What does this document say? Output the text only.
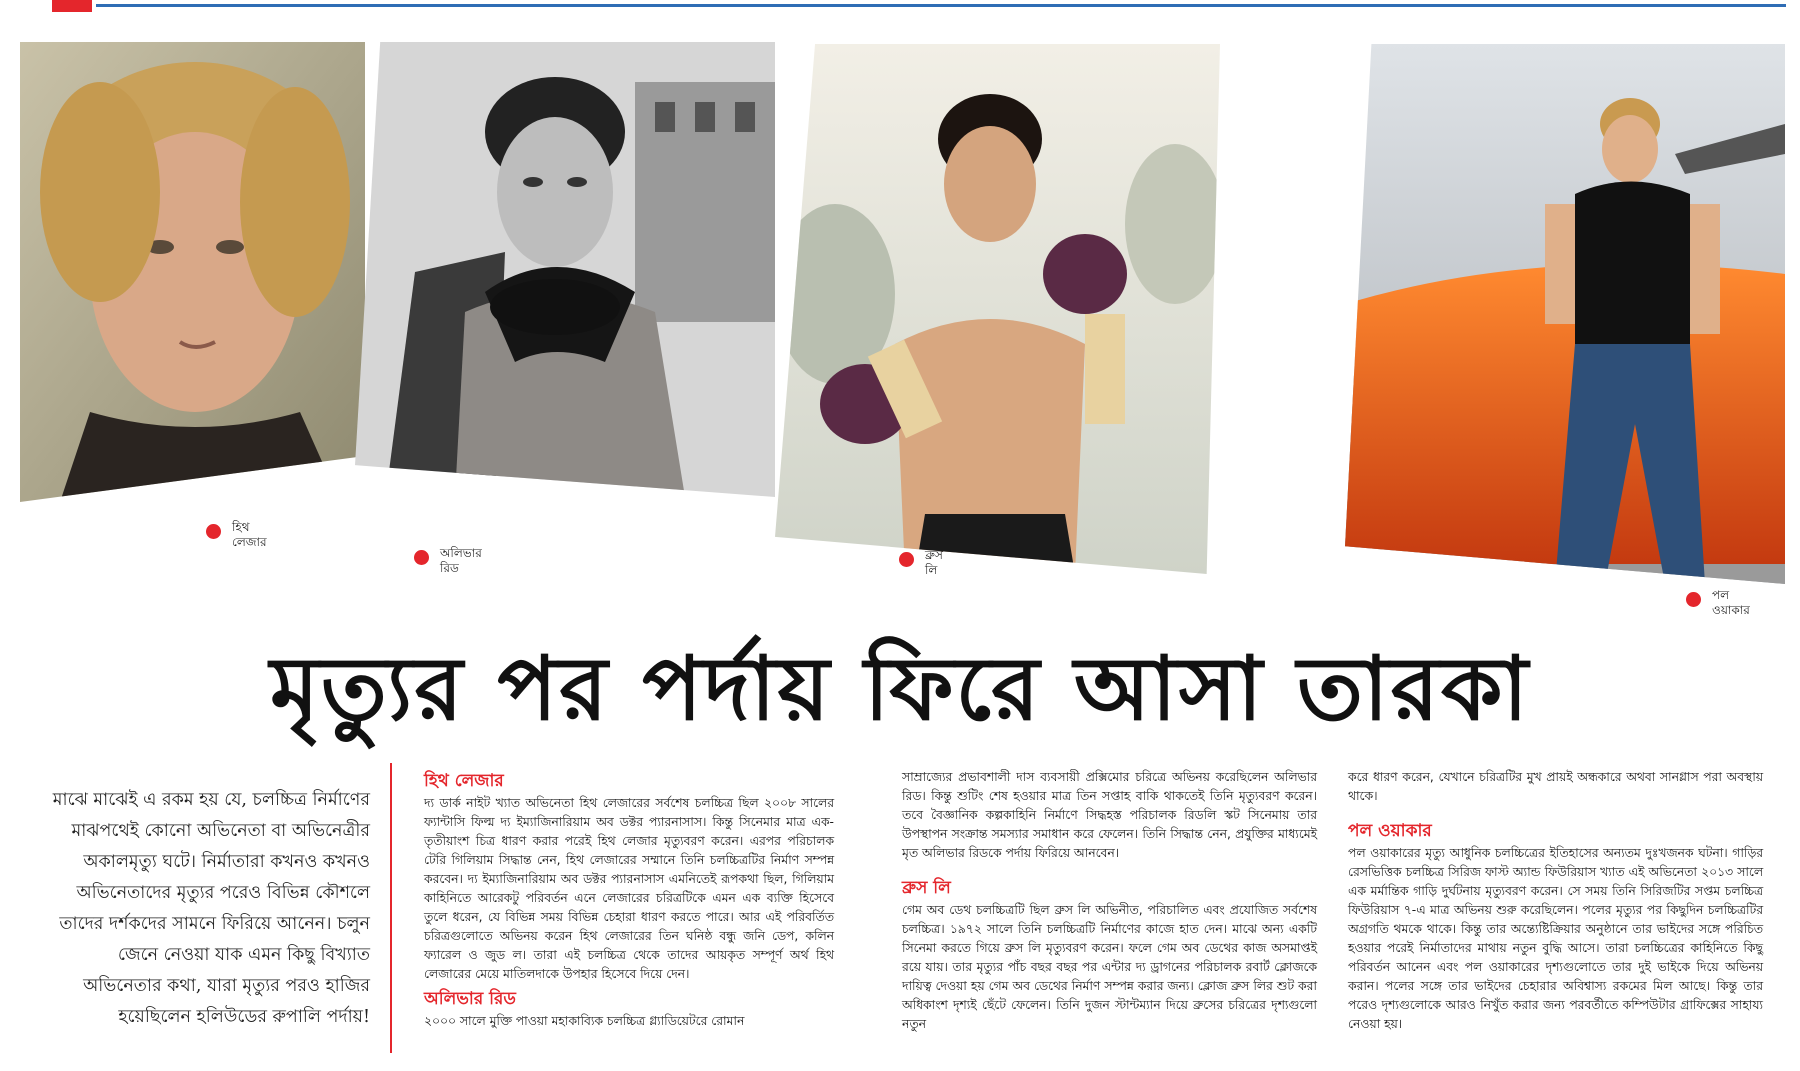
হিথ
লেজার
অলিভার
রিড
ব্রুস
লি
পল
ওয়াকার
মৃত্যুর পর পর্দায় ফিরে আসা তারকা

মাঝে মাঝেই এ রকম হয় যে, চলচ্চিত্র নির্মাণের মাঝপথেই কোনো অভিনেতা বা অভিনেত্রীর অকালমৃত্যু ঘটে। নির্মাতারা কখনও কখনও অভিনেতাদের মৃত্যুর পরেও বিভিন্ন কৌশলে তাদের দর্শকদের সামনে ফিরিয়ে আনেন। চলুন জেনে নেওয়া যাক এমন কিছু বিখ্যাত অভিনেতার কথা, যারা মৃত্যুর পরও হাজির হয়েছিলেন হলিউডের রুপালি পর্দায়!

হিথ লেজার

দ্য ডার্ক নাইট খ্যাত অভিনেতা হিথ লেজারের সর্বশেষ চলচ্চিত্র ছিল ২০০৮ সালের ফ্যান্টাসি ফিল্ম দ্য ইম্যাজিনারিয়াম অব ডক্টর প্যারনাসাস। কিন্তু সিনেমার মাত্র এক-তৃতীয়াংশ চিত্র ধারণ করার পরেই হিথ লেজার মৃত্যুবরণ করেন। এরপর পরিচালক টেরি গিলিয়াম সিদ্ধান্ত নেন, হিথ লেজারের সম্মানে তিনি চলচ্চিত্রটির নির্মাণ সম্পন্ন করবেন। দ্য ইম্যাজিনারিয়াম অব ডক্টর প্যারনাসাস এমনিতেই রূপকথা ছিল, গিলিয়াম কাহিনিতে আরেকটু পরিবর্তন এনে লেজারের চরিত্রটিকে এমন এক ব্যক্তি হিসেবে তুলে ধরেন, যে বিভিন্ন সময় বিভিন্ন চেহারা ধারণ করতে পারে। আর এই পরিবর্তিত চরিত্রগুলোতে অভিনয় করেন হিথ লেজারের তিন ঘনিষ্ঠ বন্ধু জনি ডেপ, কলিন ফ্যারেল ও জুড ল। তারা এই চলচ্চিত্র থেকে তাদের আয়কৃত সম্পূর্ণ অর্থ হিথ লেজারের মেয়ে মাতিলদাকে উপহার হিসেবে দিয়ে দেন।

অলিভার রিড

২০০০ সালে মুক্তি পাওয়া মহাকাব্যিক চলচ্চিত্র গ্ল্যাডিয়েটরে রোমান

সাম্রাজ্যের প্রভাবশালী দাস ব্যবসায়ী প্রক্সিমোর চরিত্রে অভিনয় করেছিলেন অলিভার রিড। কিন্তু শুটিং শেষ হওয়ার মাত্র তিন সপ্তাহ বাকি থাকতেই তিনি মৃত্যুবরণ করেন। তবে বৈজ্ঞানিক কল্পকাহিনি নির্মাণে সিদ্ধহস্ত পরিচালক রিডলি স্কট সিনেমায় তার উপস্থাপন সংক্রান্ত সমস্যার সমাধান করে ফেলেন। তিনি সিদ্ধান্ত নেন, প্রযুক্তির মাধ্যমেই মৃত অলিভার রিডকে পর্দায় ফিরিয়ে আনবেন।

ব্রুস লি

গেম অব ডেথ চলচ্চিত্রটি ছিল ব্রুস লি অভিনীত, পরিচালিত এবং প্রযোজিত সর্বশেষ চলচ্চিত্র। ১৯৭২ সালে তিনি চলচ্চিত্রটি নির্মাণের কাজে হাত দেন। মাঝে অন্য একটি সিনেমা করতে গিয়ে ব্রুস লি মৃত্যুবরণ করেন। ফলে গেম অব ডেথের কাজ অসমাপ্তই রয়ে যায়। তার মৃত্যুর পাঁচ বছর বছর পর এন্টার দ্য ড্রাগনের পরিচালক রবার্ট ক্লোজকে দায়িত্ব দেওয়া হয় গেম অব ডেথের নির্মাণ সম্পন্ন করার জন্য। ক্লোজ ব্রুস লির শুট করা অধিকাংশ দৃশ্যই ছেঁটে ফেলেন। তিনি দুজন স্টান্টম্যান দিয়ে ব্রুসের চরিত্রের দৃশ্যগুলো নতুন

করে ধারণ করেন, যেখানে চরিত্রটির মুখ প্রায়ই অন্ধকারে অথবা সানগ্লাস পরা অবস্থায় থাকে।

পল ওয়াকার

পল ওয়াকারের মৃত্যু আধুনিক চলচ্চিত্রের ইতিহাসের অন্যতম দুঃখজনক ঘটনা। গাড়ির রেসভিত্তিক চলচ্চিত্র সিরিজ ফাস্ট অ্যান্ড ফিউরিয়াস খ্যাত এই অভিনেতা ২০১৩ সালে এক মর্মান্তিক গাড়ি দুর্ঘটনায় মৃত্যুবরণ করেন। সে সময় তিনি সিরিজটির সপ্তম চলচ্চিত্র ফিউরিয়াস ৭-এ মাত্র অভিনয় শুরু করেছিলেন। পলের মৃত্যুর পর কিছুদিন চলচ্চিত্রটির অগ্রগতি থমকে থাকে। কিন্তু তার অন্ত্যেষ্টিক্রিয়ার অনুষ্ঠানে তার ভাইদের সঙ্গে পরিচিত হওয়ার পরেই নির্মাতাদের মাথায় নতুন বুদ্ধি আসে। তারা চলচ্চিত্রের কাহিনিতে কিছু পরিবর্তন আনেন এবং পল ওয়াকারের দৃশ্যগুলোতে তার দুই ভাইকে দিয়ে অভিনয় করান। পলের সঙ্গে তার ভাইদের চেহারার অবিশ্বাস্য রকমের মিল আছে। কিন্তু তার পরেও দৃশ্যগুলোকে আরও নিখুঁত করার জন্য পরবর্তীতে কম্পিউটার গ্রাফিক্সের সাহায্য নেওয়া হয়।
